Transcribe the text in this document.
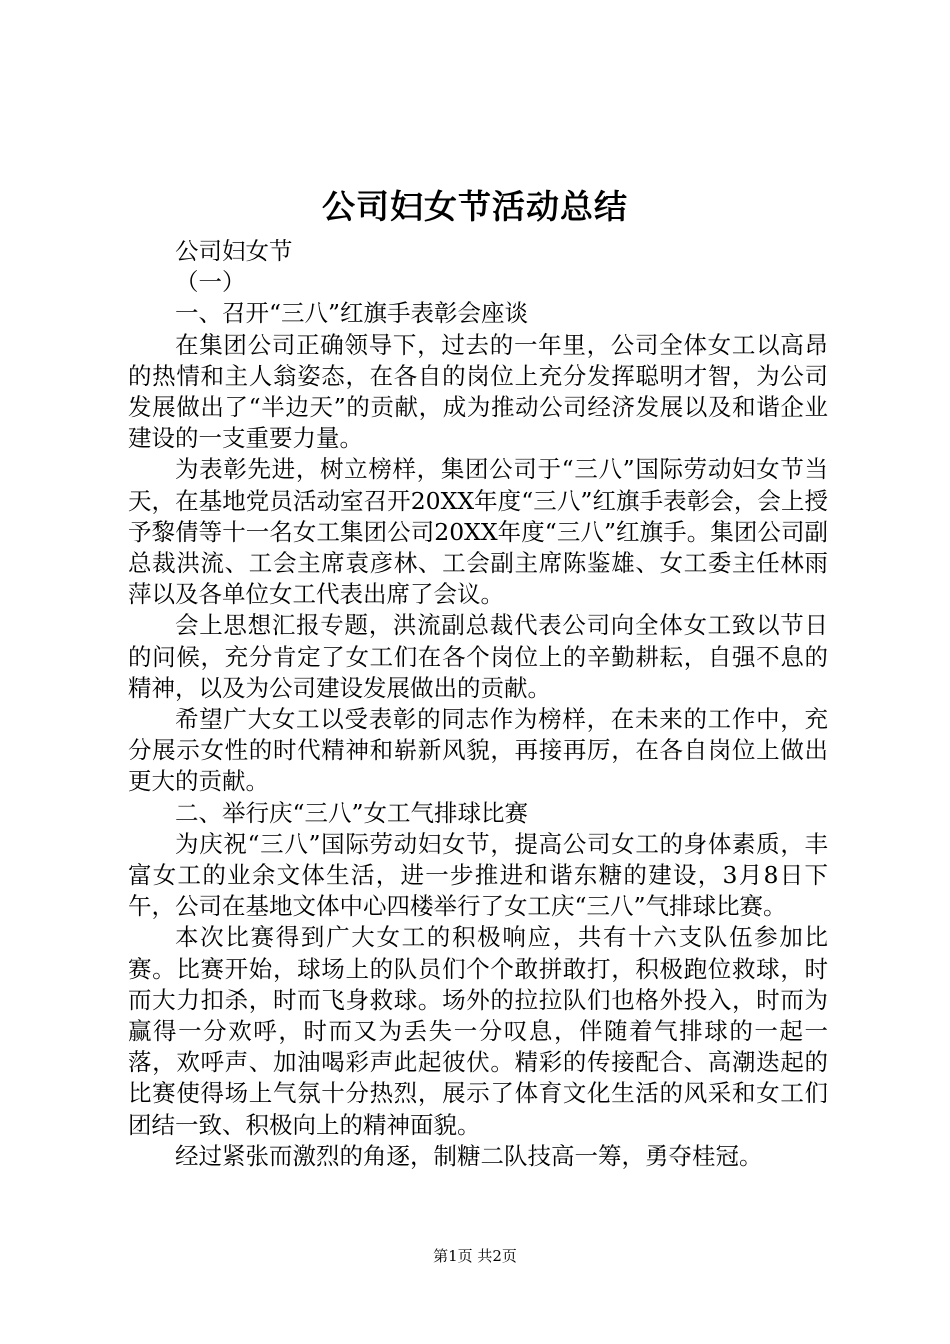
公司妇女节活动总结

公司妇女节

（一）

一、召开“三八”红旗手表彰会座谈

在集团公司正确领导下，过去的一年里，公司全体女工以高昂的热情和主人翁姿态，在各自的岗位上充分发挥聪明才智，为公司发展做出了“半边天”的贡献，成为推动公司经济发展以及和谐企业建设的一支重要力量。

为表彰先进，树立榜样，集团公司于“三八”国际劳动妇女节当天，在基地党员活动室召开20XX年度“三八”红旗手表彰会，会上授予黎倩等十一名女工集团公司20XX年度“三八”红旗手。集团公司副总裁洪流、工会主席袁彦林、工会副主席陈鉴雄、女工委主任林雨萍以及各单位女工代表出席了会议。

会上思想汇报专题，洪流副总裁代表公司向全体女工致以节日的问候，充分肯定了女工们在各个岗位上的辛勤耕耘，自强不息的精神，以及为公司建设发展做出的贡献。

希望广大女工以受表彰的同志作为榜样，在未来的工作中，充分展示女性的时代精神和崭新风貌，再接再厉，在各自岗位上做出更大的贡献。

二、举行庆“三八”女工气排球比赛

为庆祝“三八”国际劳动妇女节，提高公司女工的身体素质，丰富女工的业余文体生活，进一步推进和谐东糖的建设，3月8日下午，公司在基地文体中心四楼举行了女工庆“三八”气排球比赛。

本次比赛得到广大女工的积极响应，共有十六支队伍参加比赛。比赛开始，球场上的队员们个个敢拼敢打，积极跑位救球，时而大力扣杀，时而飞身救球。场外的拉拉队们也格外投入，时而为赢得一分欢呼，时而又为丢失一分叹息，伴随着气排球的一起一落，欢呼声、加油喝彩声此起彼伏。精彩的传接配合、高潮迭起的比赛使得场上气氛十分热烈，展示了体育文化生活的风采和女工们团结一致、积极向上的精神面貌。

经过紧张而激烈的角逐，制糖二队技高一筹，勇夺桂冠。

第1页 共2页
